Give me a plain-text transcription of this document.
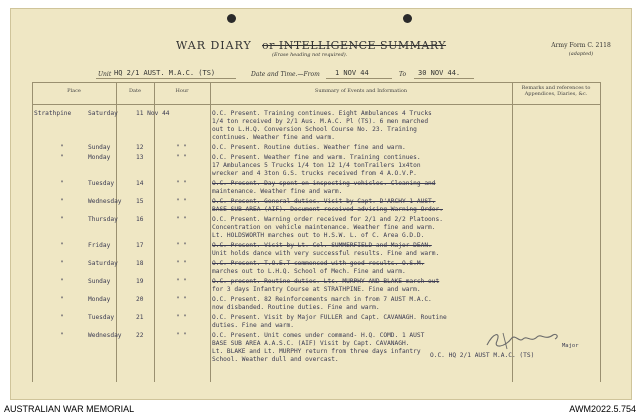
WAR DIARY or INTELLIGENCE SUMMARY
(Erase heading not required).
Army Form C. 2118
(adapted)
Unit HQ 2/1 AUST. M.A.C. (TS)	Date and Time.—From 1 NOV 44	To 30 NOV 44.
Place	Date	Hour	Summary of Events and Information	Remarks and references to Appendices, Diaries, &c.
Strathpine	Saturday	11 Nov 44	O.C. Present. Training continues. Eight Ambulances 4 Trucks
1/4 ton received by 2/1 Aus. M.A.C. Pl (TS). 6 men marched
out to L.H.Q. Conversion School Course No. 23. Training
continues. Weather fine and warm.
"	Sunday	12	" "	O.C. Present. Routine duties. Weather fine and warm.
"	Monday	13	" "	O.C. Present. Weather fine and warm. Training continues.
17 Ambulances 5 Trucks 1/4 ton 12 1/4 tonTrailers 1x4ton
wrecker and 4 3ton G.S. trucks received from 4 A.O.V.P.
"	Tuesday	14	" "	O.C. Present. Day spent on inspecting vehicles. Cleaning and
maintenance. Weather fine and warm.
"	Wednesday 15	" "	O.C. Present. General duties. Visit by Capt. D'ARCHY 1 AUST.
BASE SUB AREA (AIF). Document received advising Warning Order.
"	Thursday	16	" "	O.C. Present. Warning order received for 2/1 and 2/2 Platoons.
Concentration on vehicle maintenance. Weather fine and warm.
Lt. HOLDSWORTH marches out to H.S.W. L. of C. Area G.D.D.
"	Friday	17	" "	O.C. Present. Visit by Lt. Col. SUMMERFIELD and Major DEAN.
Unit holds dance with very successful results. Fine and warm.
"	Saturday	18	" "	O.C. Present. T.O.E.T commenced with good results. O.S.M.
marches out to L.H.Q. School of Mech. Fine and warm.
"	Sunday	19	" "	O.C. present. Routine duties. Lts. MURPHY AND BLAKE march out
for 3 days Infantry Course at STRATHPINE. Fine and warm.
"	Monday	20	" "	O.C. Present. 82 Reinforcements march in from 7 AUST M.A.C.
now disbanded. Routine duties. Fine and warm.
"	Tuesday	21	" "	O.C. Present. Visit by Major FULLER and Capt. CAVANAGH. Routine
duties. Fine and warm.
"	Wednesday 22	" "	O.C. Present. Unit comes under command- H.Q. COMD. 1 AUST
BASE SUB AREA A.A.S.C. (AIF) Visit by Capt. CAVANAGH.
Lt. BLAKE and Lt. MURPHY return from three days infantry
School. Weather dull and overcast.
Major
O.C. HQ 2/1 AUST M.A.C. (TS)
AUSTRALIAN WAR MEMORIAL	AWM2022.5.754
